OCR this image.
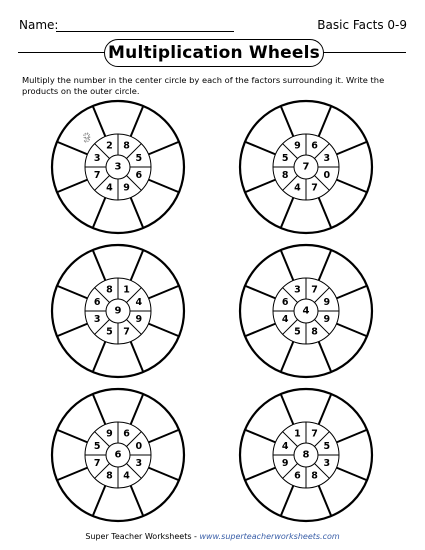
Name:	Basic Facts 0-9
Multiplication Wheels
Multiply the number in the center circle by each of the factors surrounding it. Write the products on the outer circle.
3
8
5
6
9
4
7
3
2
9
7
6
3
0
7
4
8
5
9
9
1
4
9
7
5
3
6
8
4
7
9
9
8
5
4
6
3
6
6
0
3
4
8
7
5
9
8
7
5
3
8
6
9
4
1
Super Teacher Worksheets - www.superteacherworksheets.com
